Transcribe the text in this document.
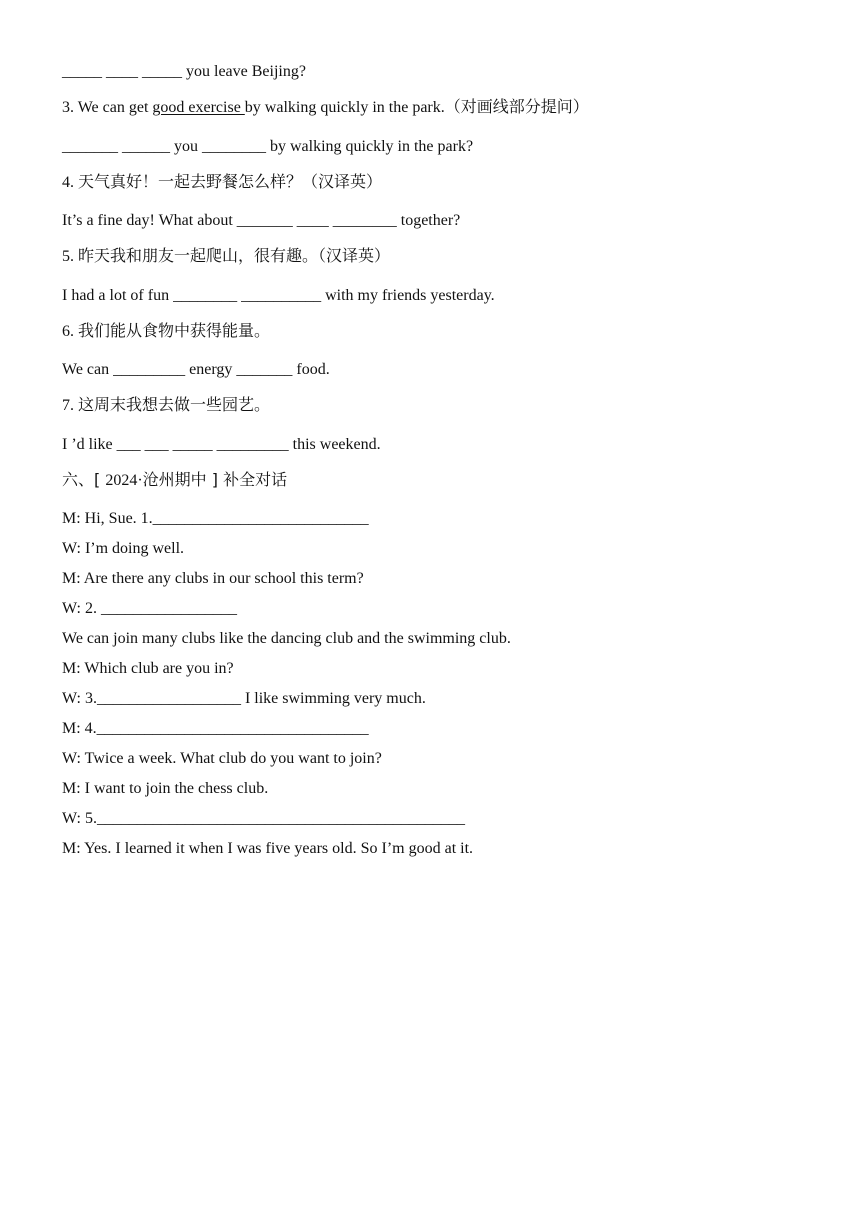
_____ ____ _____ you leave Beijing?
3. We can get good exercise by walking quickly in the park.（对画线部分提问）
_______ ______ you ________ by walking quickly in the park?
4. 天气真好！一起去野餐怎么样？（汉译英）
It’s a fine day! What about _______ ____ ________ together?
5. 昨天我和朋友一起爬山，很有趣。（汉译英）
I had a lot of fun ________ __________ with my friends yesterday.
6. 我们能从食物中获得能量。
We can _________ energy _______ food.
7. 这周末我想去做一些园艺。
I ’d like ___ ___ _____ _________ this weekend.
六、[ 2024·沧州期中 ] 补全对话
M: Hi, Sue. 1.___________________________
W: I’m doing well.
M: Are there any clubs in our school this term?
W: 2. _________________
We can join many clubs like the dancing club and the swimming club.
M: Which club are you in?
W: 3.__________________ I like swimming very much.
M: 4.__________________________________
W: Twice a week. What club do you want to join?
M: I want to join the chess club.
W: 5.______________________________________________
M: Yes. I learned it when I was five years old. So I’m good at it.
